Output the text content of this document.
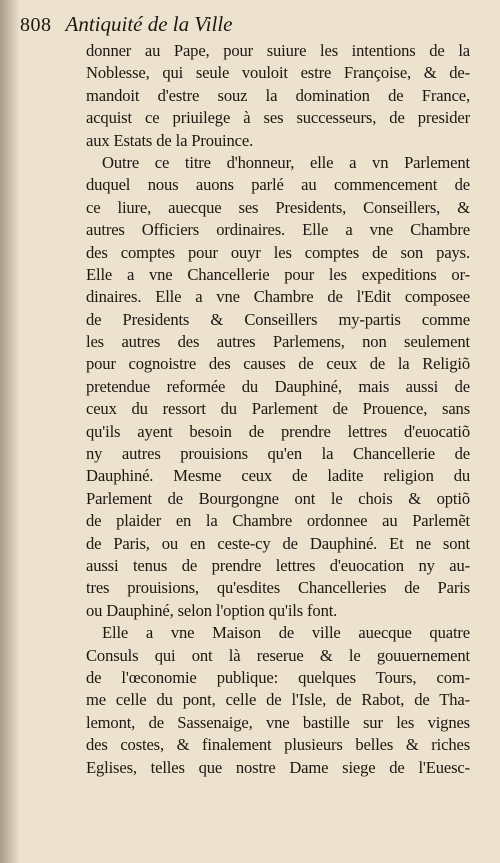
808 Antiquité de la Ville
donner au Pape, pour suiure les intentions de la
Noblesse, qui seule vouloit estre Françoise, & de-
mandoit d'estre souz la domination de France,
acquist ce priuilege à ses successeurs, de presider
aux Estats de la Prouince.
Outre ce titre d'honneur, elle a vn Parlement
duquel nous auons parlé au commencement de
ce liure, auecque ses Presidents, Conseillers, &
autres Officiers ordinaires. Elle a vne Chambre
des comptes pour ouyr les comptes de son pays.
Elle a vne Chancellerie pour les expeditions or-
dinaires. Elle a vne Chambre de l'Edit composee
de Presidents & Conseillers my-partis comme
les autres des autres Parlemens, non seulement
pour cognoistre des causes de ceux de la Religiõ
pretendue reformée du Dauphiné, mais aussi de
ceux du ressort du Parlement de Prouence, sans
qu'ils ayent besoin de prendre lettres d'euocatiõ
ny autres prouisions qu'en la Chancellerie de
Dauphiné. Mesme ceux de ladite religion du
Parlement de Bourgongne ont le chois & optiõ
de plaider en la Chambre ordonnee au Parlemẽt
de Paris, ou en ceste-cy de Dauphiné. Et ne sont
aussi tenus de prendre lettres d'euocation ny au-
tres prouisions, qu'esdites Chancelleries de Paris
ou Dauphiné, selon l'option qu'ils font.
Elle a vne Maison de ville auecque quatre
Consuls qui ont là reserue & le gouuernement
de l'œconomie publique: quelques Tours, com-
me celle du pont, celle de l'Isle, de Rabot, de Tha-
lemont, de Sassenaige, vne bastille sur les vignes
des costes, & finalement plusieurs belles & riches
Eglises, telles que nostre Dame siege de l'Euesc-
